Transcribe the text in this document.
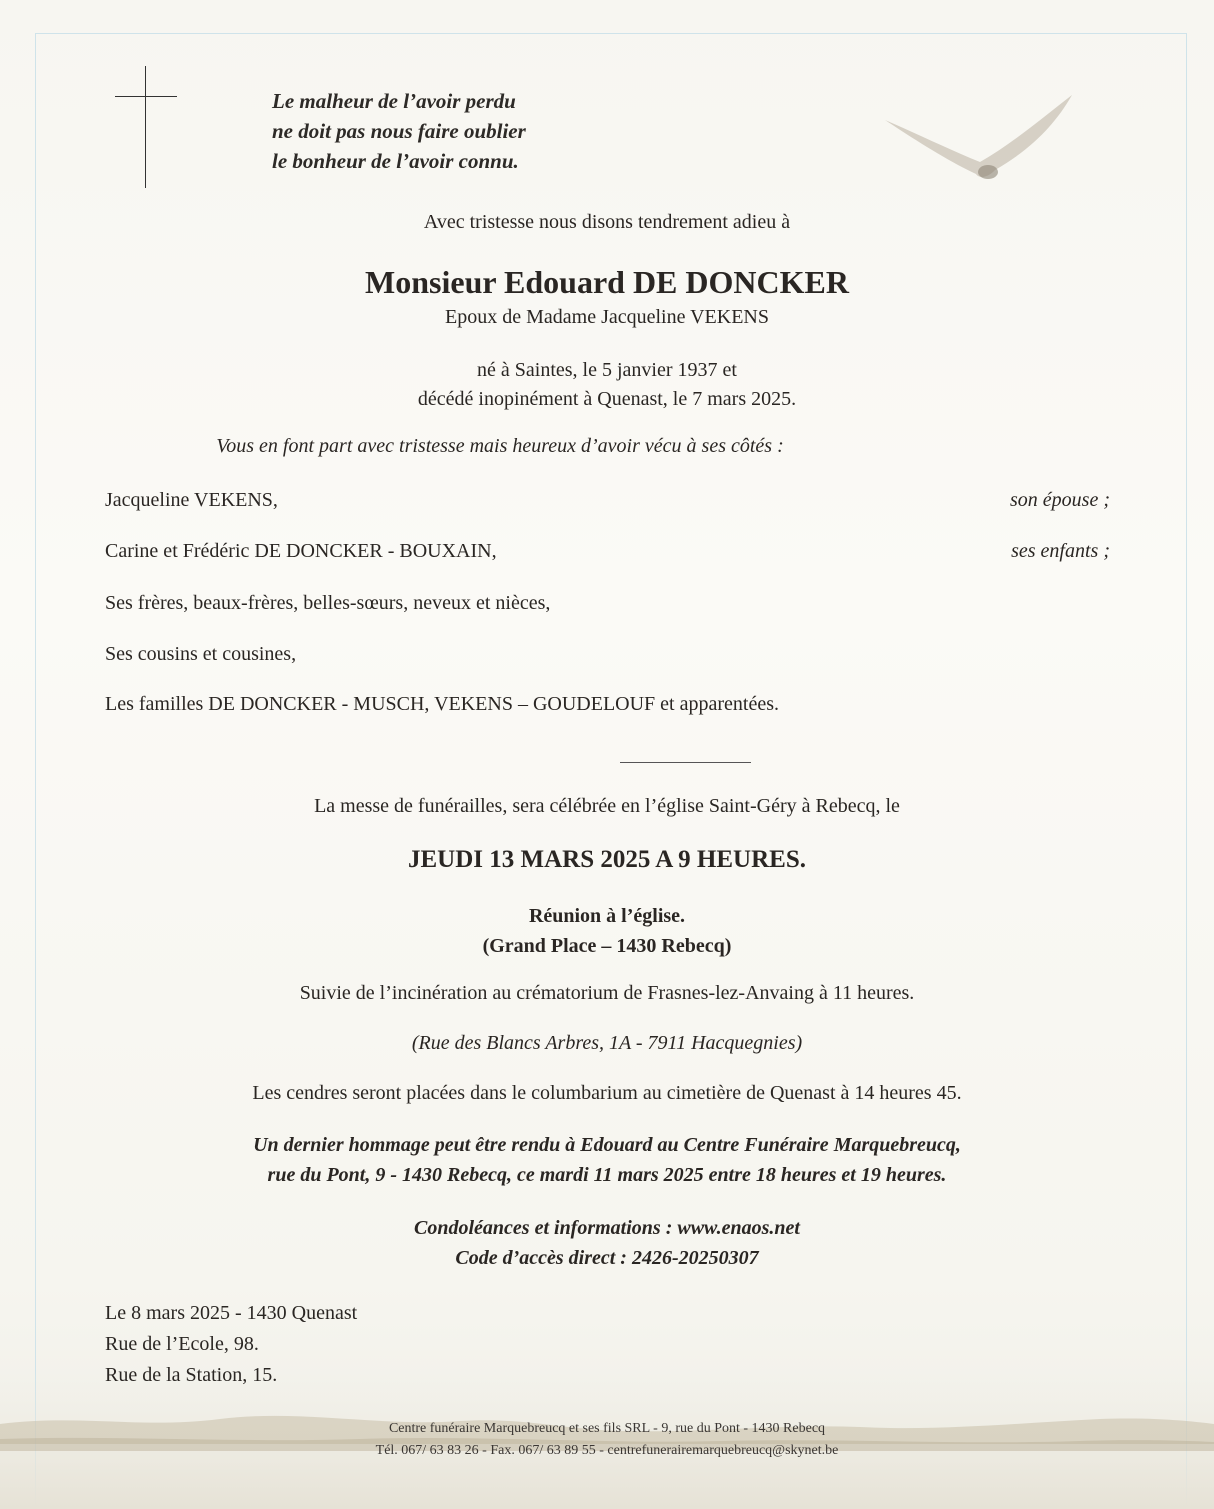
Le malheur de l’avoir perdu
ne doit pas nous faire oublier
le bonheur de l’avoir connu.
Avec tristesse nous disons tendrement adieu à
Monsieur Edouard DE DONCKER
Epoux de Madame Jacqueline VEKENS
né à Saintes, le 5 janvier 1937 et
décédé inopinément à Quenast, le 7 mars 2025.
Vous en font part avec tristesse mais heureux d’avoir vécu à ses côtés :
Jacqueline VEKENS,	son épouse ;
Carine et Frédéric DE DONCKER - BOUXAIN,	ses enfants ;
Ses frères, beaux-frères, belles-sœurs, neveux et nièces,
Ses cousins et cousines,
Les familles DE DONCKER - MUSCH, VEKENS – GOUDELOUF et apparentées.
La messe de funérailles, sera célébrée en l’église Saint-Géry à Rebecq, le
JEUDI 13 MARS 2025 A 9 HEURES.
Réunion à l’église.
(Grand Place – 1430 Rebecq)
Suivie de l’incinération au crématorium de Frasnes-lez-Anvaing à 11 heures.
(Rue des Blancs Arbres, 1A - 7911 Hacquegnies)
Les cendres seront placées dans le columbarium au cimetière de Quenast à 14 heures 45.
Un dernier hommage peut être rendu à Edouard au Centre Funéraire Marquebreucq,
rue du Pont, 9 - 1430 Rebecq, ce mardi 11 mars 2025 entre 18 heures et 19 heures.
Condoléances et informations : www.enaos.net
Code d’accès direct : 2426-20250307
Le 8 mars 2025 - 1430 Quenast
Rue de l’Ecole, 98.
Rue de la Station, 15.
Centre funéraire Marquebreucq et ses fils SRL - 9, rue du Pont - 1430 Rebecq
Tél. 067/ 63 83 26 - Fax. 067/ 63 89 55 - centrefunerairemarquebreucq@skynet.be
